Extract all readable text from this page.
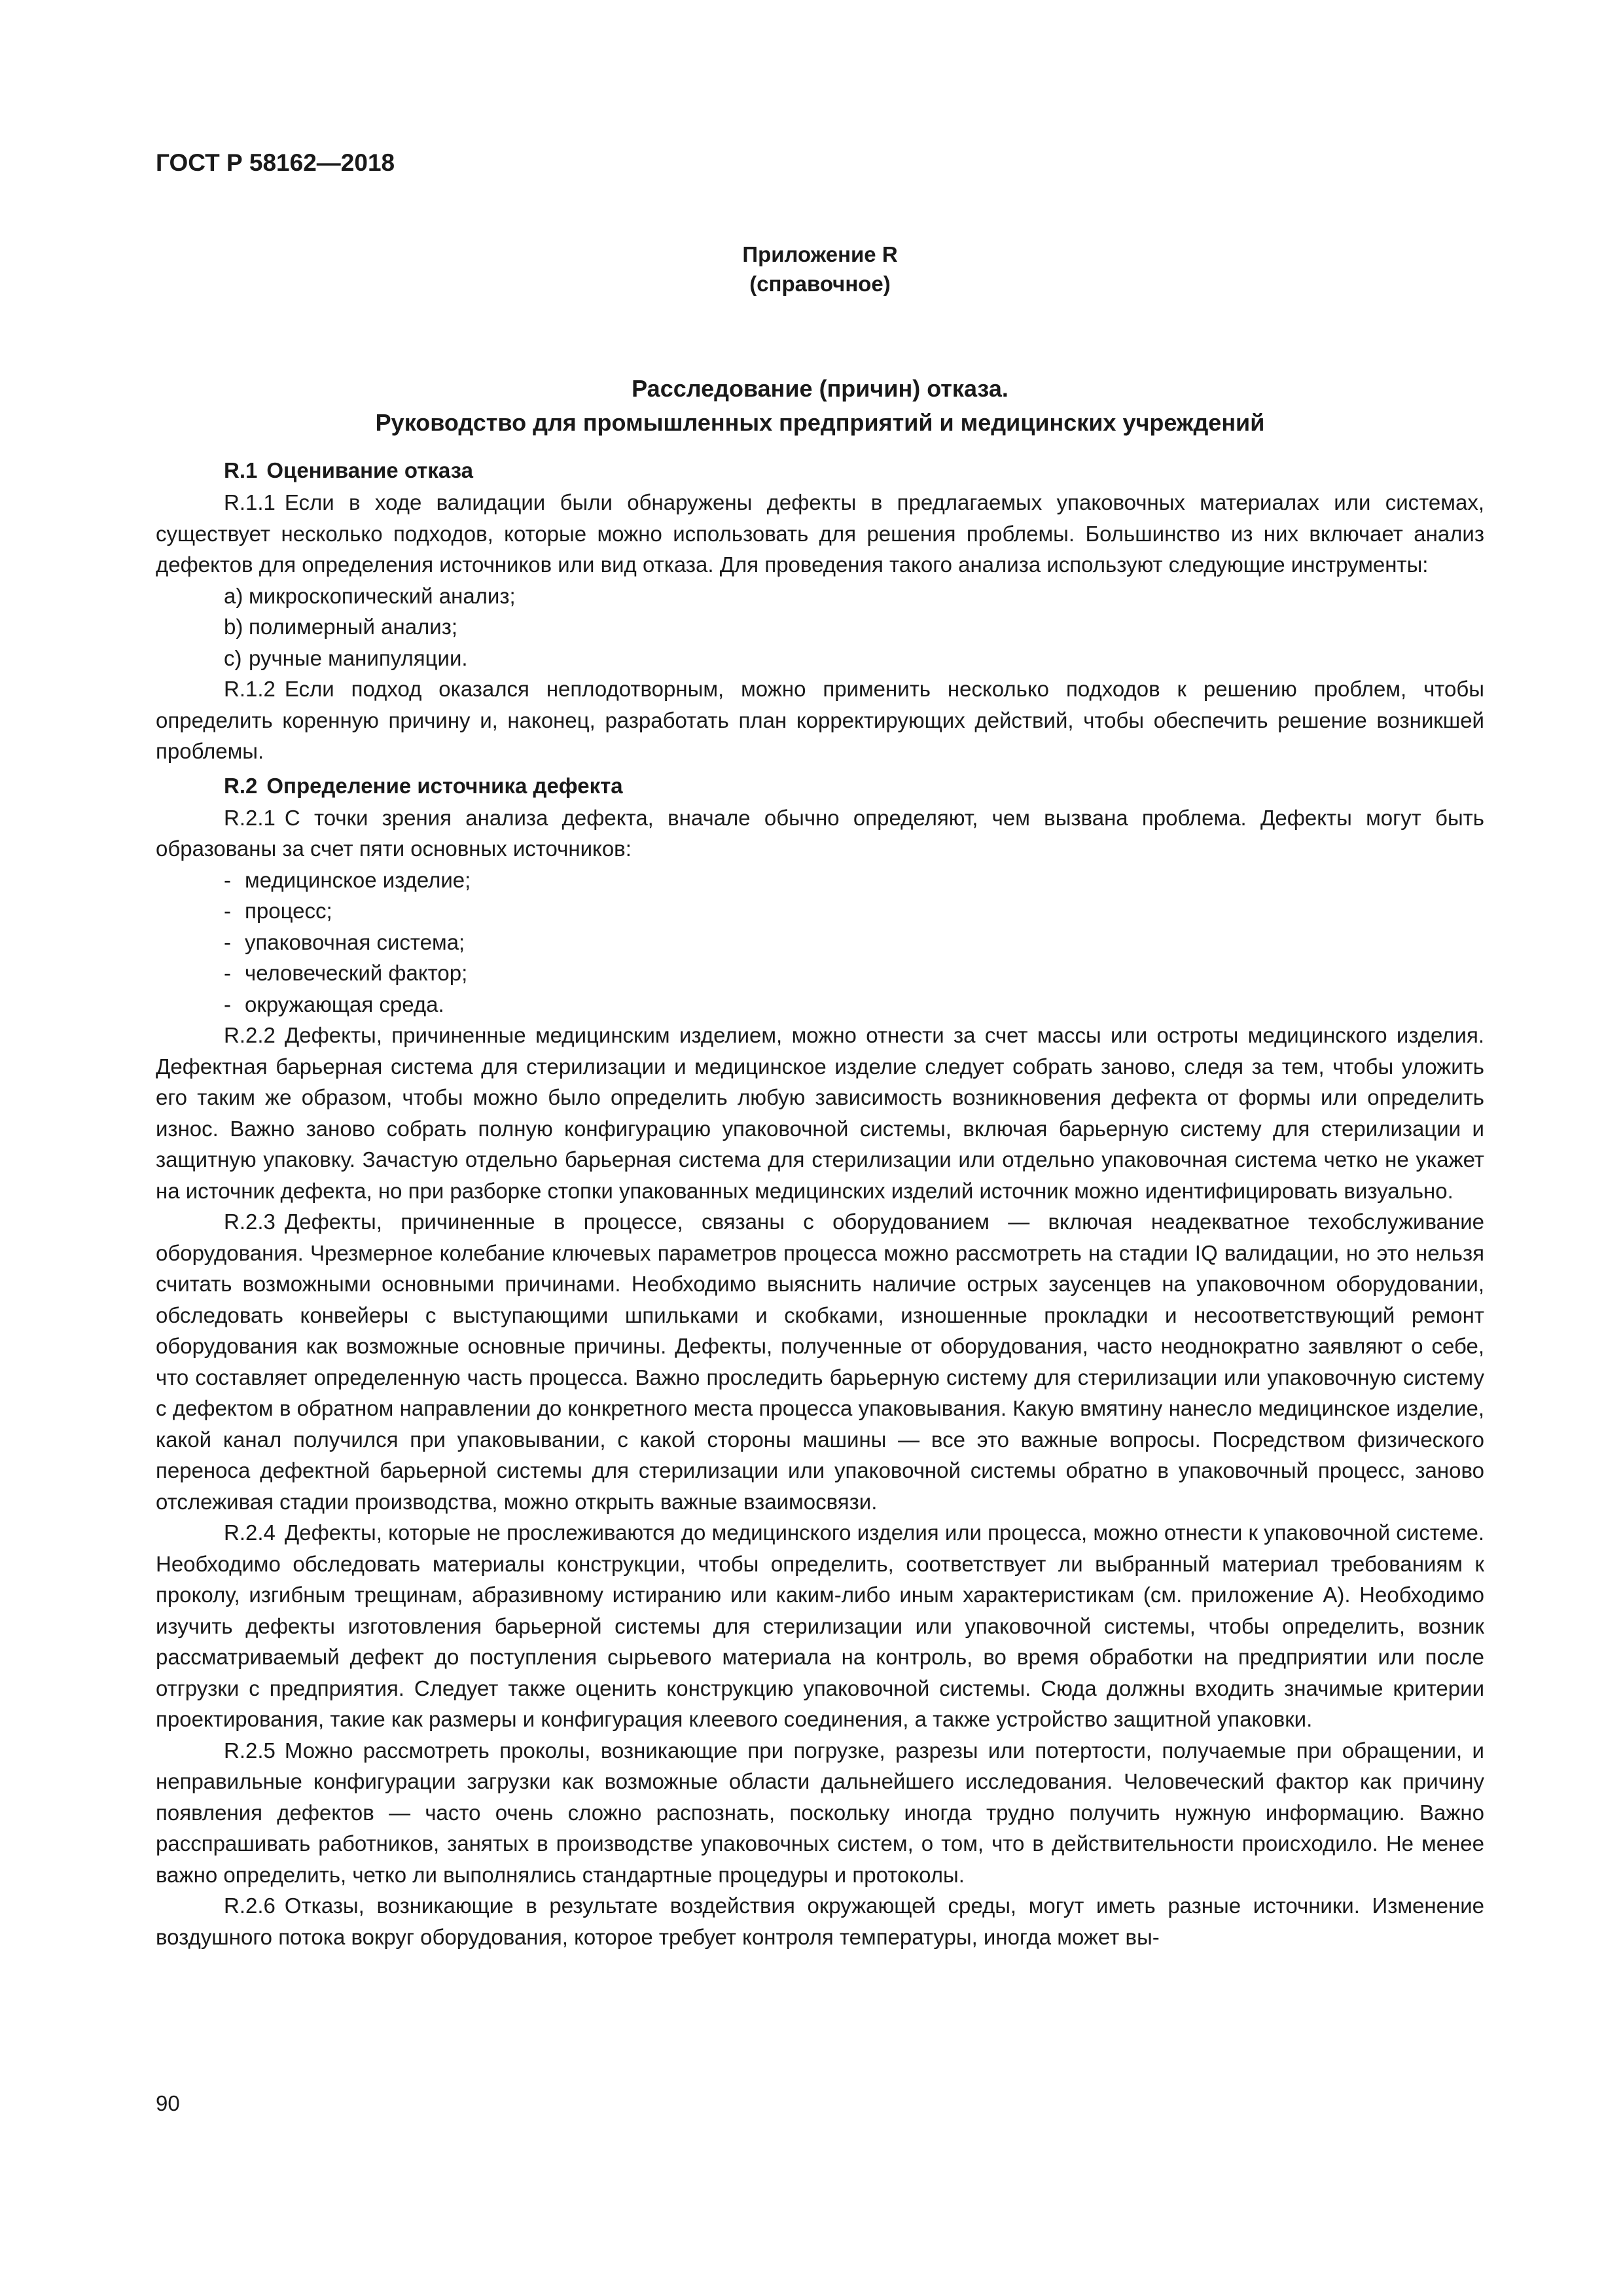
ГОСТ Р 58162—2018
Приложение R
(справочное)
Расследование (причин) отказа.
Руководство для промышленных предприятий и медицинских учреждений
R.1 Оценивание отказа

R.1.1 Если в ходе валидации были обнаружены дефекты в предлагаемых упаковочных материалах или системах, существует несколько подходов, которые можно использовать для решения проблемы. Большинство из них включает анализ дефектов для определения источников или вид отказа. Для проведения такого анализа используют следующие инструменты:

a) микроскопический анализ;
b) полимерный анализ;
c) ручные манипуляции.

R.1.2 Если подход оказался неплодотворным, можно применить несколько подходов к решению проблем, чтобы определить коренную причину и, наконец, разработать план корректирующих действий, чтобы обеспечить решение возникшей проблемы.

R.2 Определение источника дефекта

R.2.1 С точки зрения анализа дефекта, вначале обычно определяют, чем вызвана проблема. Дефекты могут быть образованы за счет пяти основных источников:

- медицинское изделие;
- процесс;
- упаковочная система;
- человеческий фактор;
- окружающая среда.

R.2.2 Дефекты, причиненные медицинским изделием, можно отнести за счет массы или остроты медицинского изделия. Дефектная барьерная система для стерилизации и медицинское изделие следует собрать заново, следя за тем, чтобы уложить его таким же образом, чтобы можно было определить любую зависимость возникновения дефекта от формы или определить износ. Важно заново собрать полную конфигурацию упаковочной системы, включая барьерную систему для стерилизации и защитную упаковку. Зачастую отдельно барьерная система для стерилизации или отдельно упаковочная система четко не укажет на источник дефекта, но при разборке стопки упакованных медицинских изделий источник можно идентифицировать визуально.

R.2.3 Дефекты, причиненные в процессе, связаны с оборудованием — включая неадекватное техобслуживание оборудования. Чрезмерное колебание ключевых параметров процесса можно рассмотреть на стадии IQ валидации, но это нельзя считать возможными основными причинами. Необходимо выяснить наличие острых заусенцев на упаковочном оборудовании, обследовать конвейеры с выступающими шпильками и скобками, изношенные прокладки и несоответствующий ремонт оборудования как возможные основные причины. Дефекты, полученные от оборудования, часто неоднократно заявляют о себе, что составляет определенную часть процесса. Важно проследить барьерную систему для стерилизации или упаковочную систему с дефектом в обратном направлении до конкретного места процесса упаковывания. Какую вмятину нанесло медицинское изделие, какой канал получился при упаковывании, с какой стороны машины — все это важные вопросы. Посредством физического переноса дефектной барьерной системы для стерилизации или упаковочной системы обратно в упаковочный процесс, заново отслеживая стадии производства, можно открыть важные взаимосвязи.

R.2.4 Дефекты, которые не прослеживаются до медицинского изделия или процесса, можно отнести к упаковочной системе. Необходимо обследовать материалы конструкции, чтобы определить, соответствует ли выбранный материал требованиям к проколу, изгибным трещинам, абразивному истиранию или каким-либо иным характеристикам (см. приложение А). Необходимо изучить дефекты изготовления барьерной системы для стерилизации или упаковочной системы, чтобы определить, возник рассматриваемый дефект до поступления сырьевого материала на контроль, во время обработки на предприятии или после отгрузки с предприятия. Следует также оценить конструкцию упаковочной системы. Сюда должны входить значимые критерии проектирования, такие как размеры и конфигурация клеевого соединения, а также устройство защитной упаковки.

R.2.5 Можно рассмотреть проколы, возникающие при погрузке, разрезы или потертости, получаемые при обращении, и неправильные конфигурации загрузки как возможные области дальнейшего исследования. Человеческий фактор как причину появления дефектов — часто очень сложно распознать, поскольку иногда трудно получить нужную информацию. Важно расспрашивать работников, занятых в производстве упаковочных систем, о том, что в действительности происходило. Не менее важно определить, четко ли выполнялись стандартные процедуры и протоколы.

R.2.6 Отказы, возникающие в результате воздействия окружающей среды, могут иметь разные источники. Изменение воздушного потока вокруг оборудования, которое требует контроля температуры, иногда может вы-

90
